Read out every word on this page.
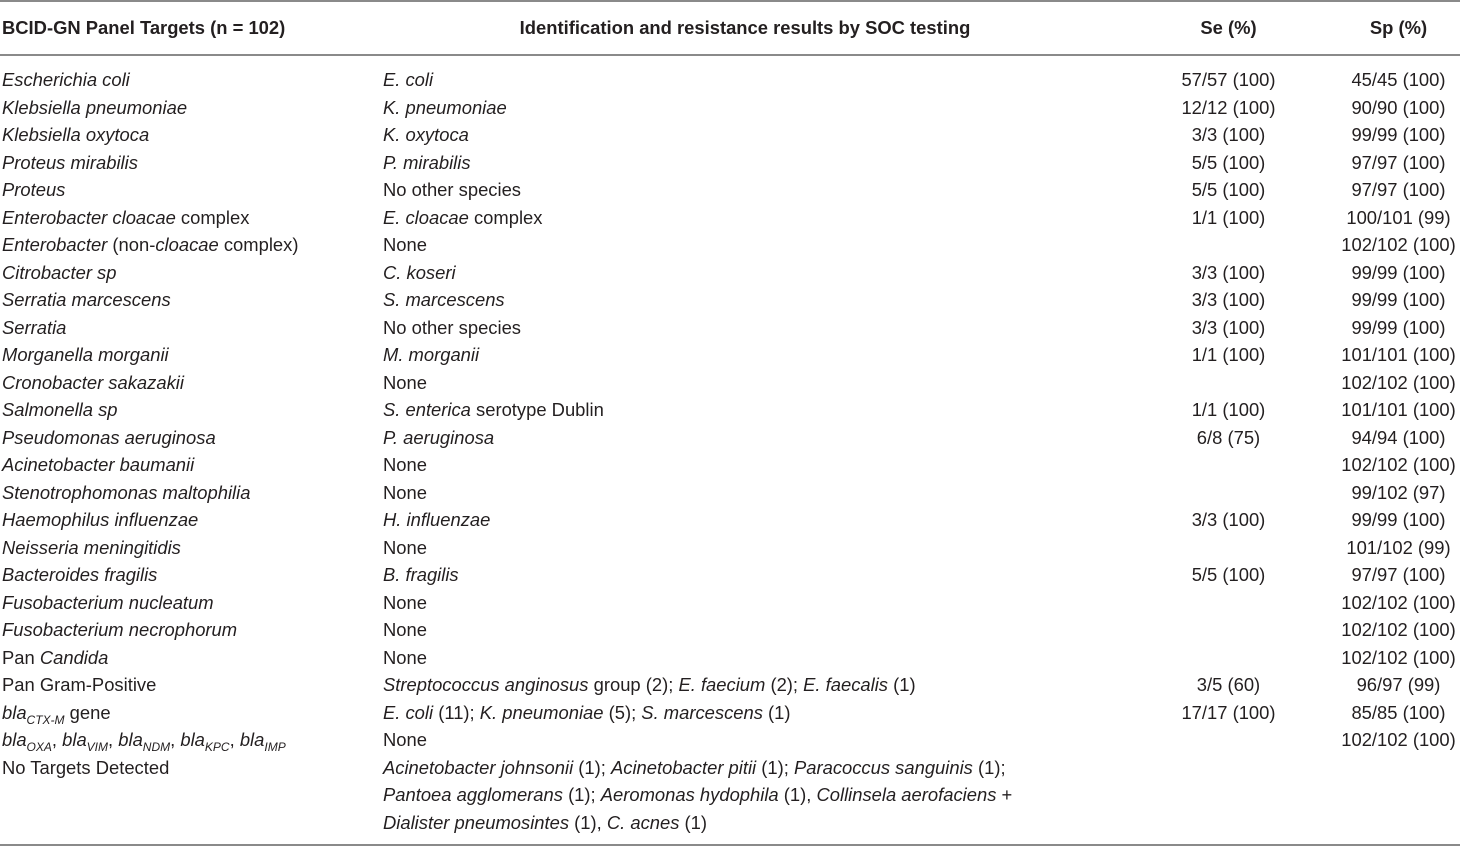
BCID-GN Panel Targets (n = 102)	Identification and resistance results by SOC testing	Se (%)	Sp (%)
Escherichia coli	E. coli	57/57 (100)	45/45 (100)
Klebsiella pneumoniae	K. pneumoniae	12/12 (100)	90/90 (100)
Klebsiella oxytoca	K. oxytoca	3/3 (100)	99/99 (100)
Proteus mirabilis	P. mirabilis	5/5 (100)	97/97 (100)
Proteus	No other species	5/5 (100)	97/97 (100)
Enterobacter cloacae complex	E. cloacae complex	1/1 (100)	100/101 (99)
Enterobacter (non-cloacae complex)	None		102/102 (100)
Citrobacter sp	C. koseri	3/3 (100)	99/99 (100)
Serratia marcescens	S. marcescens	3/3 (100)	99/99 (100)
Serratia	No other species	3/3 (100)	99/99 (100)
Morganella morganii	M. morganii	1/1 (100)	101/101 (100)
Cronobacter sakazakii	None		102/102 (100)
Salmonella sp	S. enterica serotype Dublin	1/1 (100)	101/101 (100)
Pseudomonas aeruginosa	P. aeruginosa	6/8 (75)	94/94 (100)
Acinetobacter baumanii	None		102/102 (100)
Stenotrophomonas maltophilia	None		99/102 (97)
Haemophilus influenzae	H. influenzae	3/3 (100)	99/99 (100)
Neisseria meningitidis	None		101/102 (99)
Bacteroides fragilis	B. fragilis	5/5 (100)	97/97 (100)
Fusobacterium nucleatum	None		102/102 (100)
Fusobacterium necrophorum	None		102/102 (100)
Pan Candida	None		102/102 (100)
Pan Gram-Positive	Streptococcus anginosus group (2); E. faecium (2); E. faecalis (1)	3/5 (60)	96/97 (99)
bla$_{CTX-M}$ gene	E. coli (11); K. pneumoniae (5); S. marcescens (1)	17/17 (100)	85/85 (100)
bla$_{OXA}$, bla$_{VIM}$, bla$_{NDM}$, bla$_{KPC}$, bla$_{IMP}$	None		102/102 (100)
No Targets Detected	Acinetobacter johnsonii (1); Acinetobacter pitii (1); Paracoccus sanguinis (1);
Pantoea agglomerans (1); Aeromonas hydophila (1), Collinsela aerofaciens +
Dialister pneumosintes (1), C. acnes (1)		
